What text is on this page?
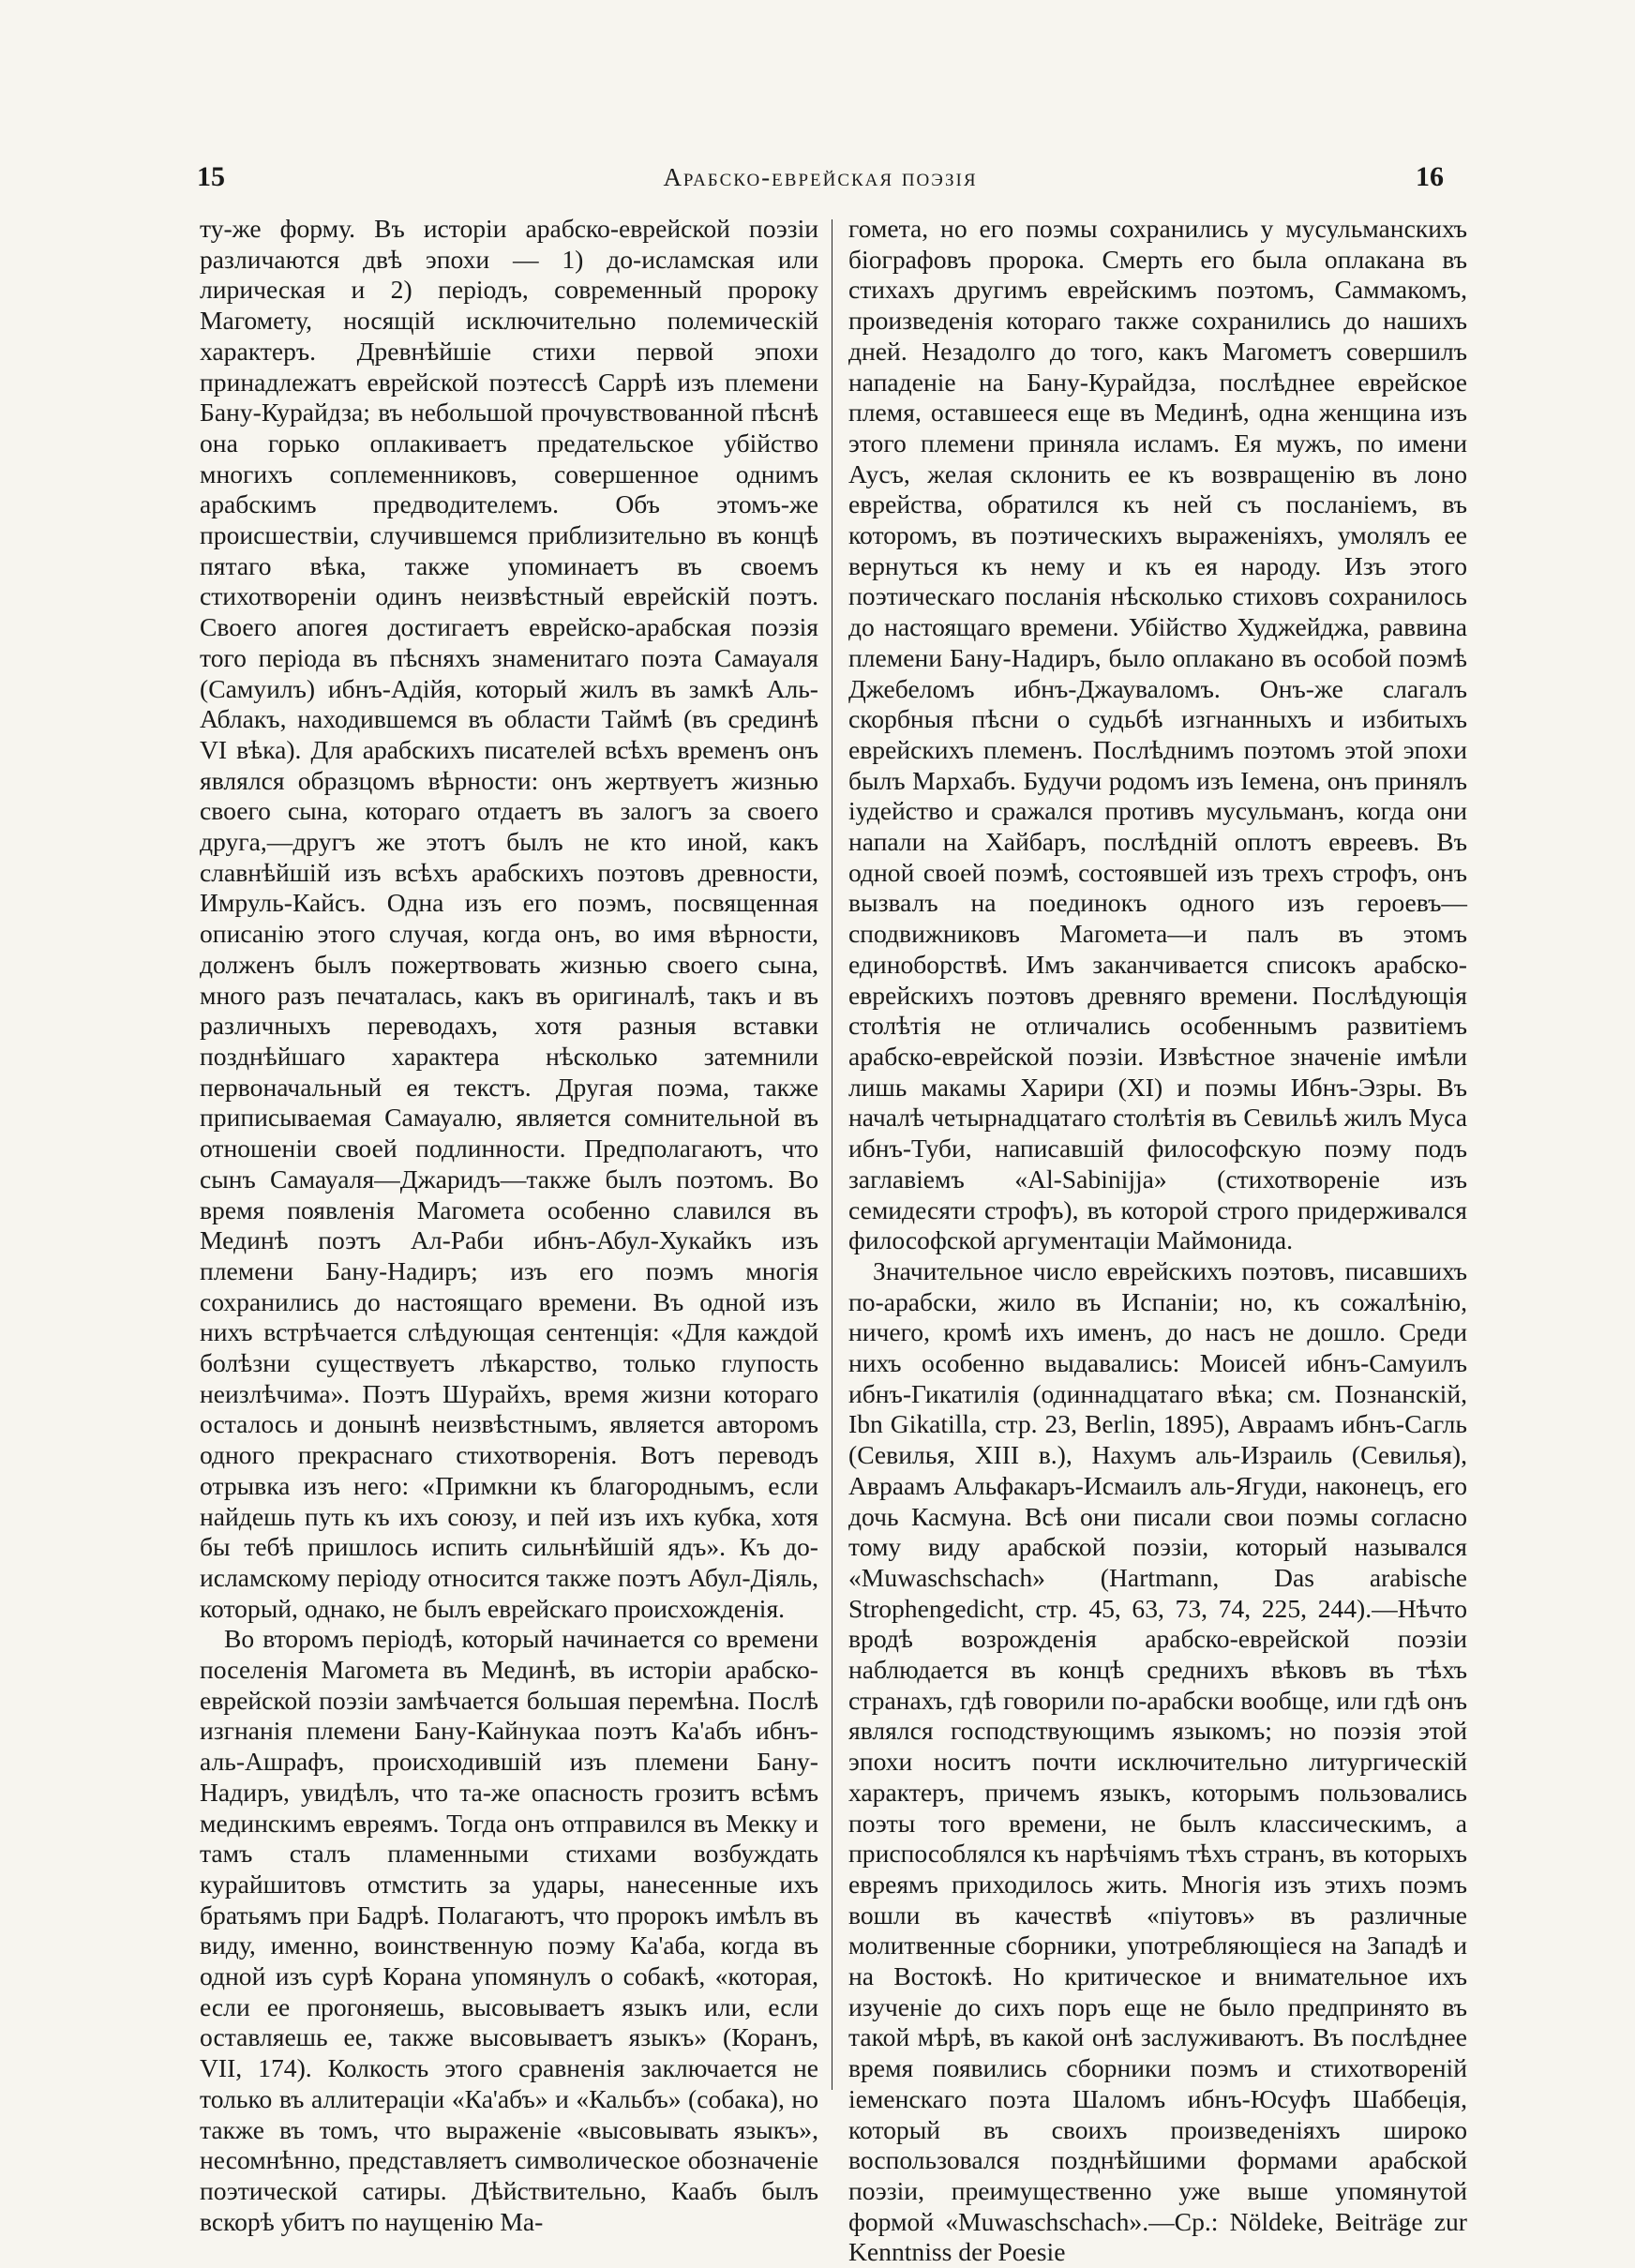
15	Арабско-еврейская поэзія	16

ту-же форму. Въ исторіи арабско-еврейской поэзіи различаются двѣ эпохи — 1) до-исламская или лирическая и 2) періодъ, современный пророку Магомету, носящій исключительно полемическій характеръ. Древнѣйшіе стихи первой эпохи принадлежатъ еврейской поэтессѣ Саррѣ изъ племени Бану-Курайдза; въ небольшой прочувствованной пѣснѣ она горько оплакиваетъ предательское убійство многихъ соплеменниковъ, совершенное однимъ арабскимъ предводителемъ. Объ этомъ-же происшествіи, случившемся приблизительно въ концѣ пятаго вѣка, также упоминаетъ въ своемъ стихотвореніи одинъ неизвѣстный еврейскій поэтъ. Своего апогея достигаетъ еврейско-арабская поэзія того періода въ пѣсняхъ знаменитаго поэта Самауаля (Самуилъ) ибнъ-Адійя, который жилъ въ замкѣ Аль-Аблакъ, находившемся въ области Таймѣ (въ срединѣ VI вѣка). Для арабскихъ писателей всѣхъ временъ онъ являлся образцомъ вѣрности: онъ жертвуетъ жизнью своего сына, котораго отдаетъ въ залогъ за своего друга,—другъ же этотъ былъ не кто иной, какъ славнѣйшій изъ всѣхъ арабскихъ поэтовъ древности, Имруль-Кайсъ. Одна изъ его поэмъ, посвященная описанію этого случая, когда онъ, во имя вѣрности, долженъ былъ пожертвовать жизнью своего сына, много разъ печаталась, какъ въ оригиналѣ, такъ и въ различныхъ переводахъ, хотя разныя вставки позднѣйшаго характера нѣсколько затемнили первоначальный ея текстъ. Другая поэма, также приписываемая Самауалю, является сомнительной въ отношеніи своей подлинности. Предполагаютъ, что сынъ Самауаля—Джаридъ—также былъ поэтомъ. Во время появленія Магомета особенно славился въ Мединѣ поэтъ Ал-Раби ибнъ-Абул-Хукайкъ изъ племени Бану-Надиръ; изъ его поэмъ многія сохранились до настоящаго времени. Въ одной изъ нихъ встрѣчается слѣдующая сентенція: «Для каждой болѣзни существуетъ лѣкарство, только глупость неизлѣчима». Поэтъ Шурайхъ, время жизни котораго осталось и донынѣ неизвѣстнымъ, является авторомъ одного прекраснаго стихотворенія. Вотъ переводъ отрывка изъ него: «Примкни къ благороднымъ, если найдешь путь къ ихъ союзу, и пей изъ ихъ кубка, хотя бы тебѣ пришлось испить сильнѣйшій ядъ». Къ до-исламскому періоду относится также поэтъ Абул-Діяль, который, однако, не былъ еврейскаго происхожденія.

Во второмъ періодѣ, который начинается со времени поселенія Магомета въ Мединѣ, въ исторіи арабско-еврейской поэзіи замѣчается большая перемѣна. Послѣ изгнанія племени Бану-Кайнукаа поэтъ Ка'абъ ибнъ-аль-Ашрафъ, происходившій изъ племени Бану-Надиръ, увидѣлъ, что та-же опасность грозитъ всѣмъ мединскимъ евреямъ. Тогда онъ отправился въ Мекку и тамъ сталъ пламенными стихами возбуждать курайшитовъ отмстить за удары, нанесенные ихъ братьямъ при Бадрѣ. Полагаютъ, что пророкъ имѣлъ въ виду, именно, воинственную поэму Ка'аба, когда въ одной изъ сурѣ Корана упомянулъ о собакѣ, «которая, если ее прогоняешь, высовываетъ языкъ или, если оставляешь ее, также высовываетъ языкъ» (Коранъ, VII, 174). Колкость этого сравненія заключается не только въ аллитераціи «Ка'абъ» и «Кальбъ» (собака), но также въ томъ, что выраженіе «высовывать языкъ», несомнѣнно, представляетъ символическое обозначеніе поэтической сатиры. Дѣйствительно, Каабъ былъ вскорѣ убитъ по наущенію Ма-

гомета, но его поэмы сохранились у мусульманскихъ біографовъ пророка. Смерть его была оплакана въ стихахъ другимъ еврейскимъ поэтомъ, Саммакомъ, произведенія котораго также сохранились до нашихъ дней. Незадолго до того, какъ Магометъ совершилъ нападеніе на Бану-Курайдза, послѣднее еврейское племя, оставшееся еще въ Мединѣ, одна женщина изъ этого племени приняла исламъ. Ея мужъ, по имени Аусъ, желая склонить ее къ возвращенію въ лоно еврейства, обратился къ ней съ посланіемъ, въ которомъ, въ поэтическихъ выраженіяхъ, умолялъ ее вернуться къ нему и къ ея народу. Изъ этого поэтическаго посланія нѣсколько стиховъ сохранилось до настоящаго времени. Убійство Худжейджа, раввина племени Бану-Надиръ, было оплакано въ особой поэмѣ Джебеломъ ибнъ-Джауваломъ. Онъ-же слагалъ скорбныя пѣсни о судьбѣ изгнанныхъ и избитыхъ еврейскихъ племенъ. Послѣднимъ поэтомъ этой эпохи былъ Мархабъ. Будучи родомъ изъ Іемена, онъ принялъ іудейство и сражался противъ мусульманъ, когда они напали на Хайбаръ, послѣдній оплотъ евреевъ. Въ одной своей поэмѣ, состоявшей изъ трехъ строфъ, онъ вызвалъ на поединокъ одного изъ героевъ—сподвижниковъ Магомета—и палъ въ этомъ единоборствѣ. Имъ заканчивается списокъ арабско-еврейскихъ поэтовъ древняго времени. Послѣдующія столѣтія не отличались особеннымъ развитіемъ арабско-еврейской поэзіи. Извѣстное значеніе имѣли лишь макамы Харири (XI) и поэмы Ибнъ-Эзры. Въ началѣ четырнадцатаго столѣтія въ Севильѣ жилъ Муса ибнъ-Туби, написавшій философскую поэму подъ заглавіемъ «Al-Sabinijja» (стихотвореніе изъ семидесяти строфъ), въ которой строго придерживался философской аргументаціи Маймонида.

Значительное число еврейскихъ поэтовъ, писавшихъ по-арабски, жило въ Испаніи; но, къ сожалѣнію, ничего, кромѣ ихъ именъ, до насъ не дошло. Среди нихъ особенно выдавались: Моисей ибнъ-Самуилъ ибнъ-Гикатилія (одиннадцатаго вѣка; см. Познанскій, Ibn Gikatilla, стр. 23, Berlin, 1895), Авраамъ ибнъ-Сагль (Севилья, XIII в.), Нахумъ аль-Израиль (Севилья), Авраамъ Альфакаръ-Исмаилъ аль-Ягуди, наконецъ, его дочь Касмуна. Всѣ они писали свои поэмы согласно тому виду арабской поэзіи, который назывался «Muwaschschach» (Hartmann, Das arabische Strophengedicht, стр. 45, 63, 73, 74, 225, 244).—Нѣчто вродѣ возрожденія арабско-еврейской поэзіи наблюдается въ концѣ среднихъ вѣковъ въ тѣхъ странахъ, гдѣ говорили по-арабски вообще, или гдѣ онъ являлся господствующимъ языкомъ; но поэзія этой эпохи носитъ почти исключительно литургическій характеръ, причемъ языкъ, которымъ пользовались поэты того времени, не былъ классическимъ, а приспособлялся къ нарѣчіямъ тѣхъ странъ, въ которыхъ евреямъ приходилось жить. Многія изъ этихъ поэмъ вошли въ качествѣ «піутовъ» въ различные молитвенные сборники, употребляющіеся на Западѣ и на Востокѣ. Но критическое и внимательное ихъ изученіе до сихъ поръ еще не было предпринято въ такой мѣрѣ, въ какой онѣ заслуживаютъ. Въ послѣднее время появились сборники поэмъ и стихотвореній іеменскаго поэта Шаломъ ибнъ-Юсуфъ Шаббеція, который въ своихъ произведеніяхъ широко воспользовался позднѣйшими формами арабской поэзіи, преимущественно уже выше упомянутой формой «Muwaschschach».—Cp.: Nöldeke, Beiträge zur Kenntniss der Poesie
